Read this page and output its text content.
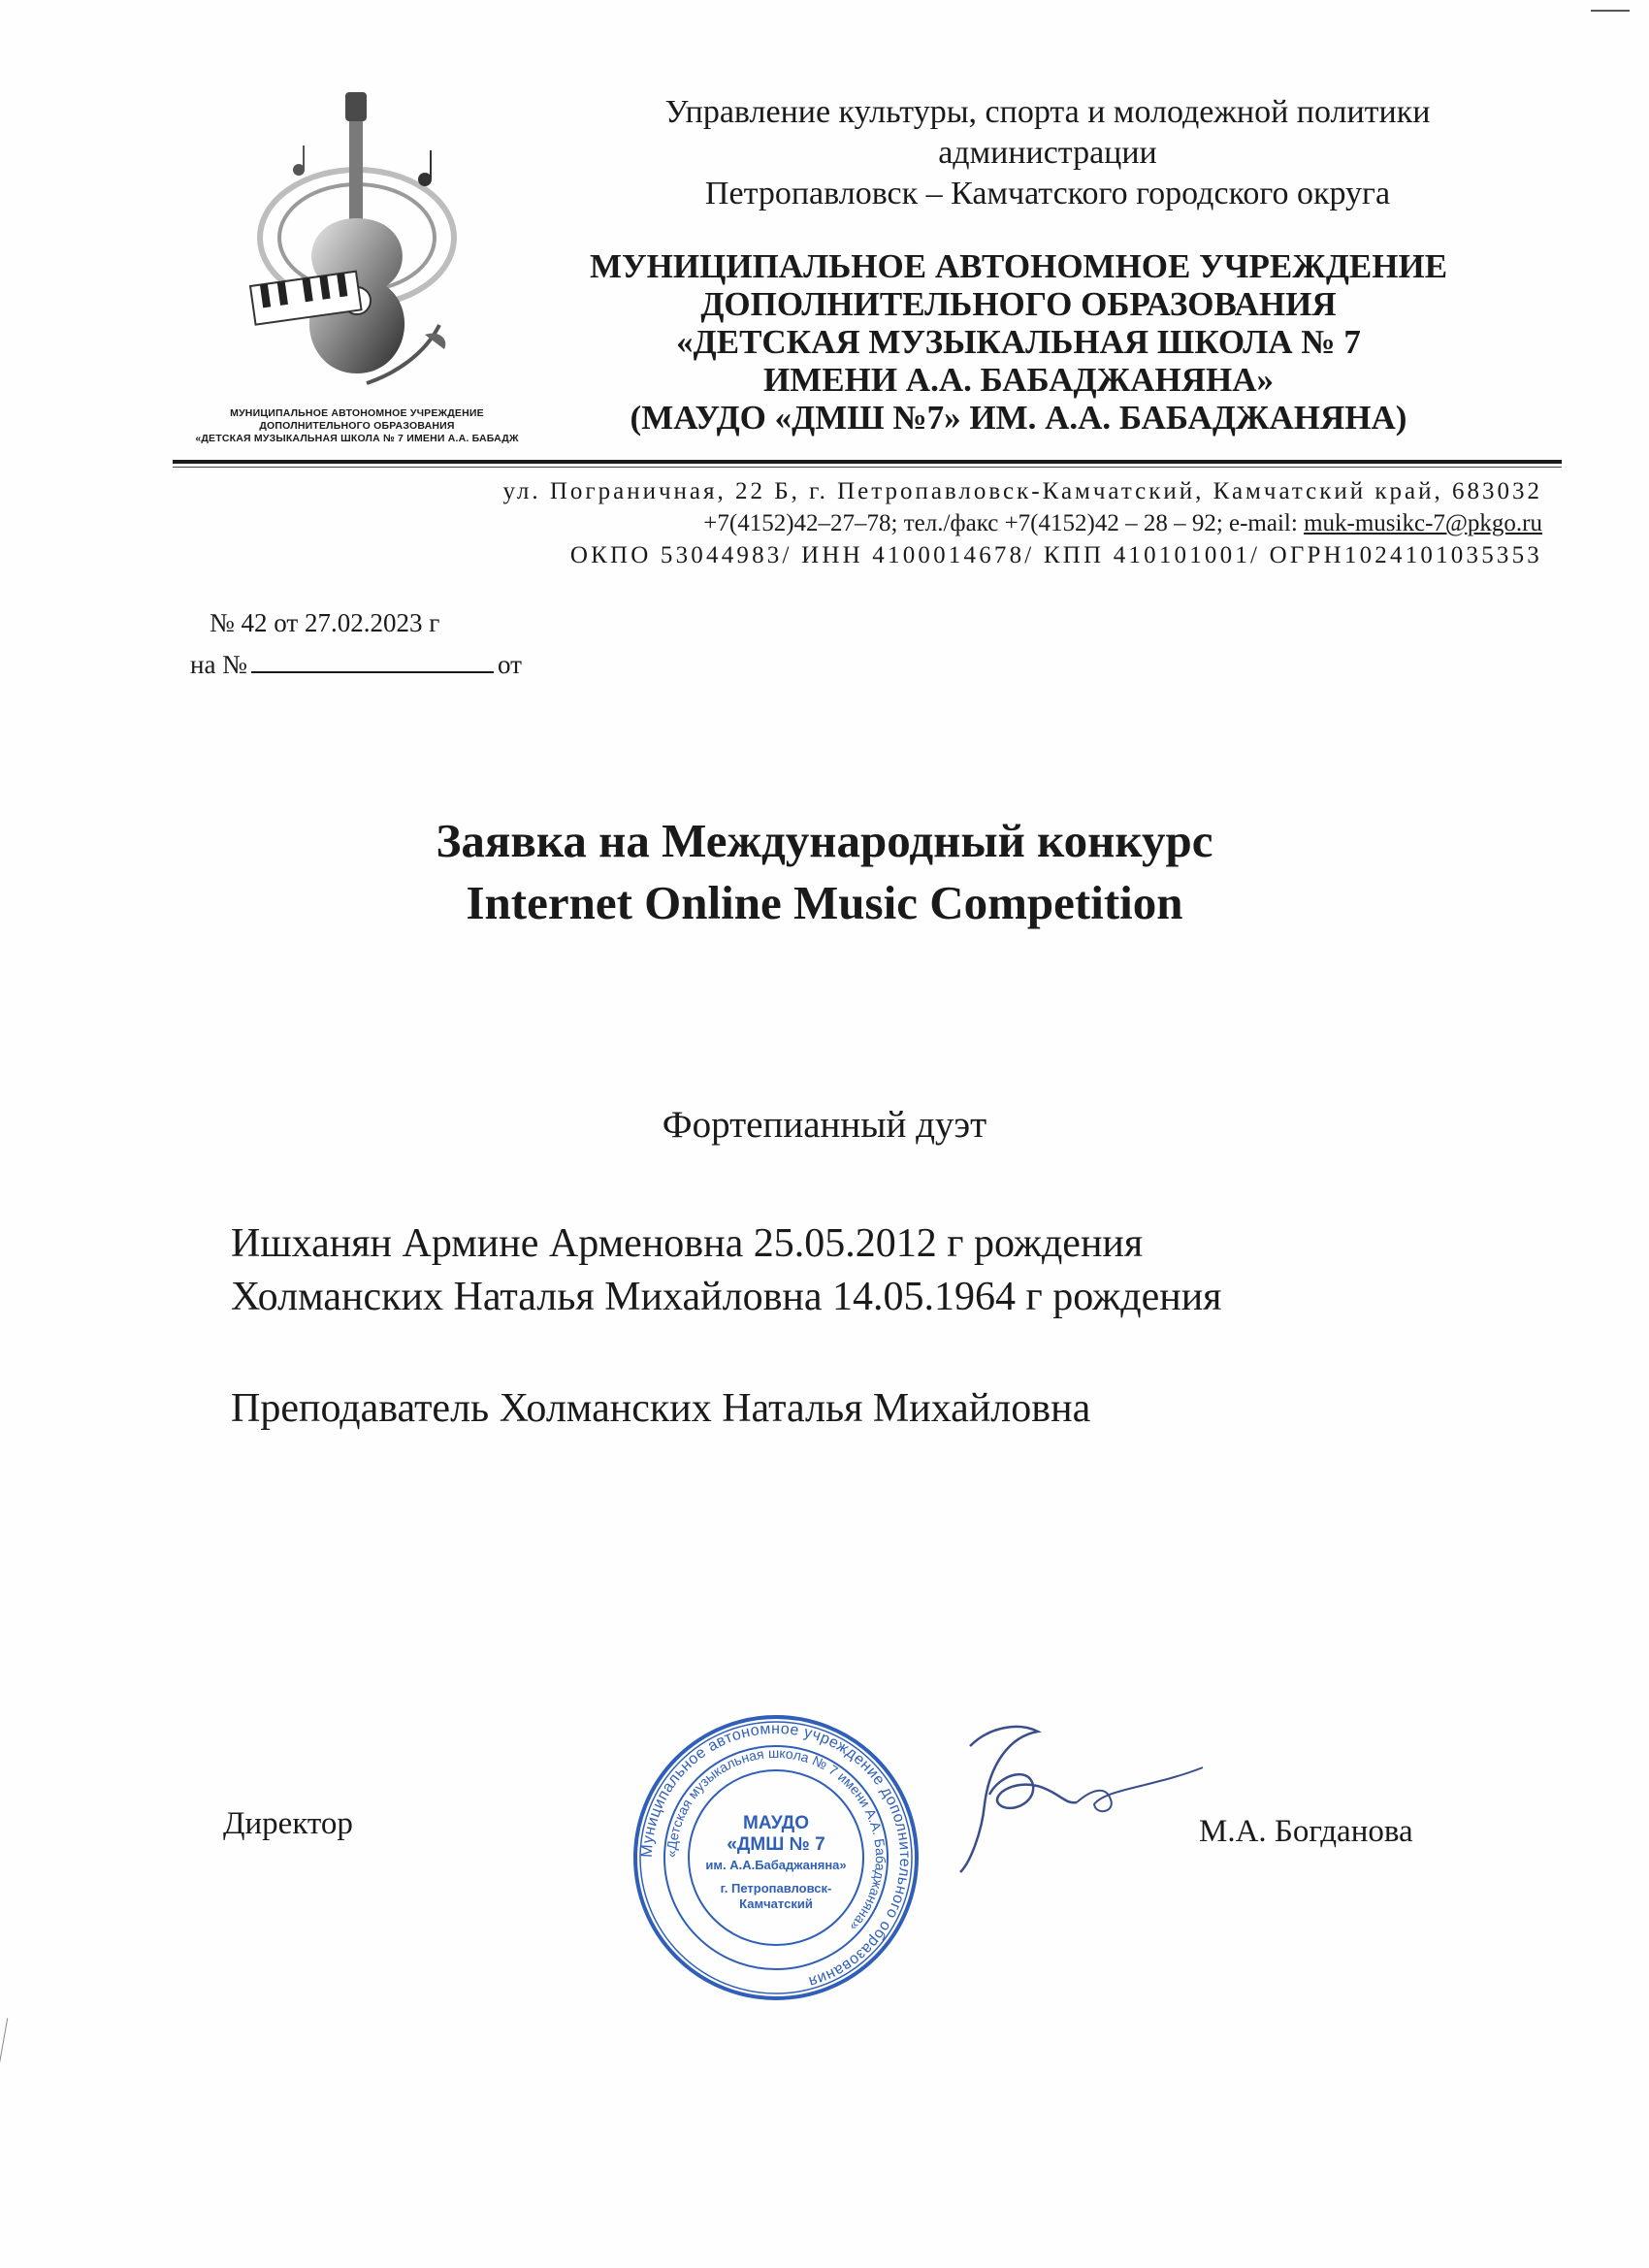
МУНИЦИПАЛЬНОЕ АВТОНОМНОЕ УЧРЕЖДЕНИЕ
ДОПОЛНИТЕЛЬНОГО ОБРАЗОВАНИЯ
«ДЕТСКАЯ МУЗЫКАЛЬНАЯ ШКОЛА № 7 ИМЕНИ А.А. БАБАДЖ
Управление культуры, спорта и молодежной политики
администрации
Петропавловск – Камчатского городского округа
МУНИЦИПАЛЬНОЕ АВТОНОМНОЕ УЧРЕЖДЕНИЕ
ДОПОЛНИТЕЛЬНОГО ОБРАЗОВАНИЯ
«ДЕТСКАЯ МУЗЫКАЛЬНАЯ ШКОЛА № 7
ИМЕНИ А.А. БАБАДЖАНЯНА»
(МАУДО «ДМШ №7» ИМ. А.А. БАБАДЖАНЯНА)
ул. Пограничная, 22 Б, г. Петропавловск-Камчатский, Камчатский край, 683032
+7(4152)42–27–78; тел./факс +7(4152)42 – 28 – 92; e-mail: muk-musikc-7@pkgo.ru
ОКПО 53044983/ ИНН 4100014678/ КПП 410101001/ ОГРН1024101035353
№ 42 от 27.02.2023 г
на №	от
Заявка на Международный конкурс
Internet Online Music Competition
Фортепианный дуэт
Ишханян Армине Арменовна 25.05.2012 г рождения
Холманских Наталья Михайловна 14.05.1964 г рождения
Преподаватель Холманских Наталья Михайловна
Директор
Муниципальное автономное учреждение дополнительного образования
«Детская музыкальная школа № 7 имени А.А. Бабаджаняна»
МАУДО
«ДМШ № 7
им. А.А.Бабаджаняна»
г. Петропавловск-
Камчатский
М.А. Богданова
